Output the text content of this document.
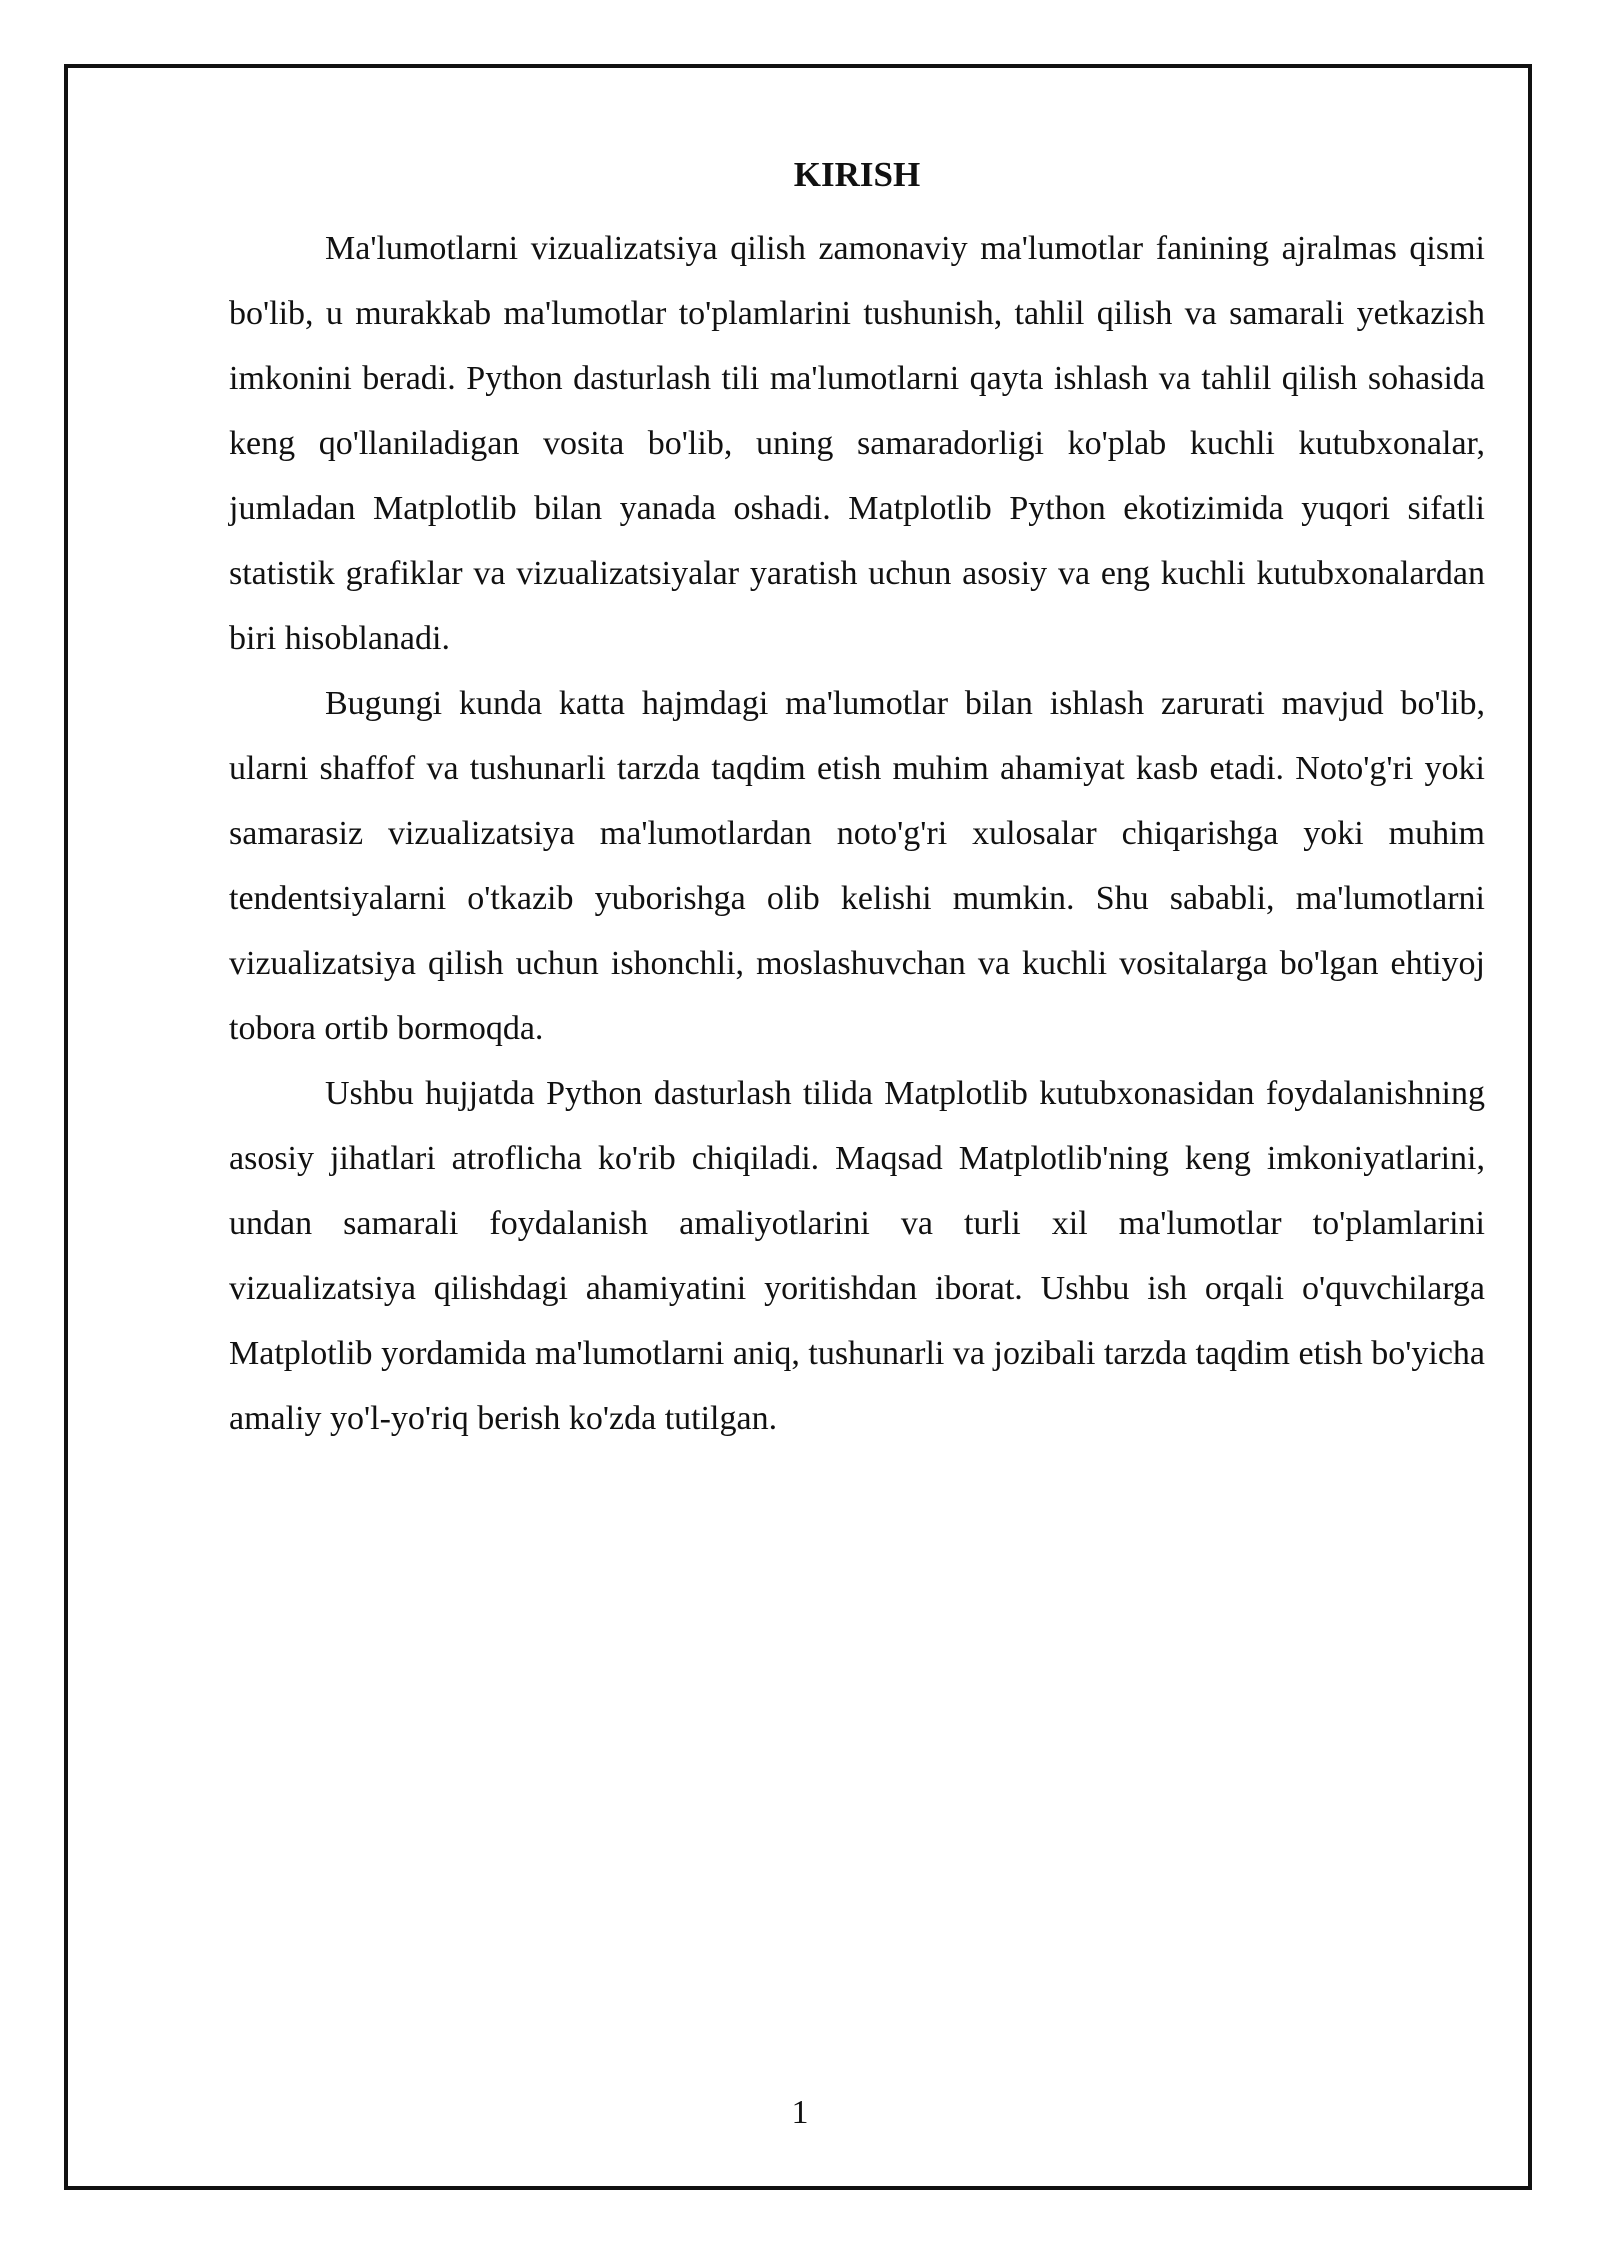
KIRISH

Ma'lumotlarni vizualizatsiya qilish zamonaviy ma'lumotlar fanining ajralmas qismi bo'lib, u murakkab ma'lumotlar to'plamlarini tushunish, tahlil qilish va samarali yetkazish imkonini beradi. Python dasturlash tili ma'lumotlarni qayta ishlash va tahlil qilish sohasida keng qo'llaniladigan vosita bo'lib, uning samaradorligi ko'plab kuchli kutubxonalar, jumladan Matplotlib bilan yanada oshadi. Matplotlib Python ekotizimida yuqori sifatli statistik grafiklar va vizualizatsiyalar yaratish uchun asosiy va eng kuchli kutubxonalardan biri hisoblanadi.

Bugungi kunda katta hajmdagi ma'lumotlar bilan ishlash zarurati mavjud bo'lib, ularni shaffof va tushunarli tarzda taqdim etish muhim ahamiyat kasb etadi. Noto'g'ri yoki samarasiz vizualizatsiya ma'lumotlardan noto'g'ri xulosalar chiqarishga yoki muhim tendentsiyalarni o'tkazib yuborishga olib kelishi mumkin. Shu sababli, ma'lumotlarni vizualizatsiya qilish uchun ishonchli, moslashuvchan va kuchli vositalarga bo'lgan ehtiyoj tobora ortib bormoqda.

Ushbu hujjatda Python dasturlash tilida Matplotlib kutubxonasidan foydalanishning asosiy jihatlari atroflicha ko'rib chiqiladi. Maqsad Matplotlib'ning keng imkoniyatlarini, undan samarali foydalanish amaliyotlarini va turli xil ma'lumotlar to'plamlarini vizualizatsiya qilishdagi ahamiyatini yoritishdan iborat. Ushbu ish orqali o'quvchilarga Matplotlib yordamida ma'lumotlarni aniq, tushunarli va jozibali tarzda taqdim etish bo'yicha amaliy yo'l-yo'riq berish ko'zda tutilgan.

1
